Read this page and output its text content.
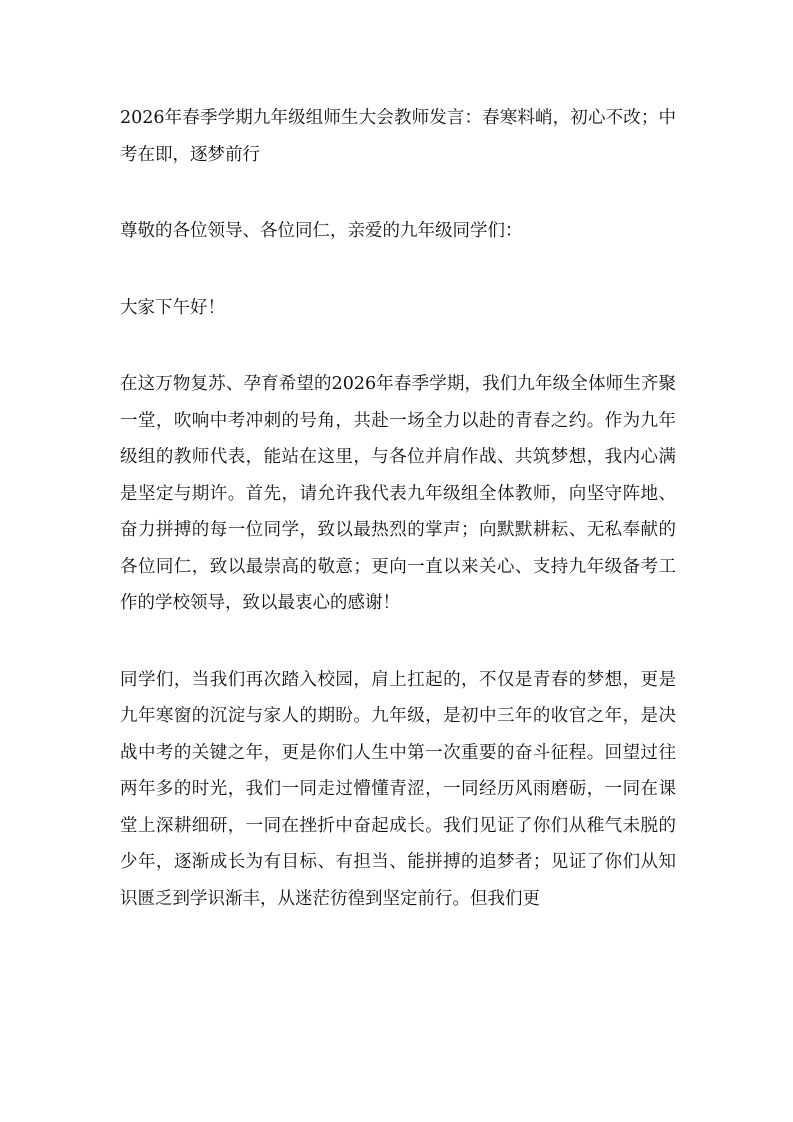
2026年春季学期九年级组师生大会教师发言：春寒料峭，初心不改；中考在即，逐梦前行

尊敬的各位领导、各位同仁，亲爱的九年级同学们：

大家下午好！

在这万物复苏、孕育希望的2026年春季学期，我们九年级全体师生齐聚一堂，吹响中考冲刺的号角，共赴一场全力以赴的青春之约。作为九年级组的教师代表，能站在这里，与各位并肩作战、共筑梦想，我内心满是坚定与期许。首先，请允许我代表九年级组全体教师，向坚守阵地、奋力拼搏的每一位同学，致以最热烈的掌声；向默默耕耘、无私奉献的各位同仁，致以最崇高的敬意；更向一直以来关心、支持九年级备考工作的学校领导，致以最衷心的感谢！

同学们，当我们再次踏入校园，肩上扛起的，不仅是青春的梦想，更是九年寒窗的沉淀与家人的期盼。九年级，是初中三年的收官之年，是决战中考的关键之年，更是你们人生中第一次重要的奋斗征程。回望过往两年多的时光，我们一同走过懵懂青涩，一同经历风雨磨砺，一同在课堂上深耕细研，一同在挫折中奋起成长。我们见证了你们从稚气未脱的少年，逐渐成长为有目标、有担当、能拼搏的追梦者；见证了你们从知识匮乏到学识渐丰，从迷茫彷徨到坚定前行。但我们更
